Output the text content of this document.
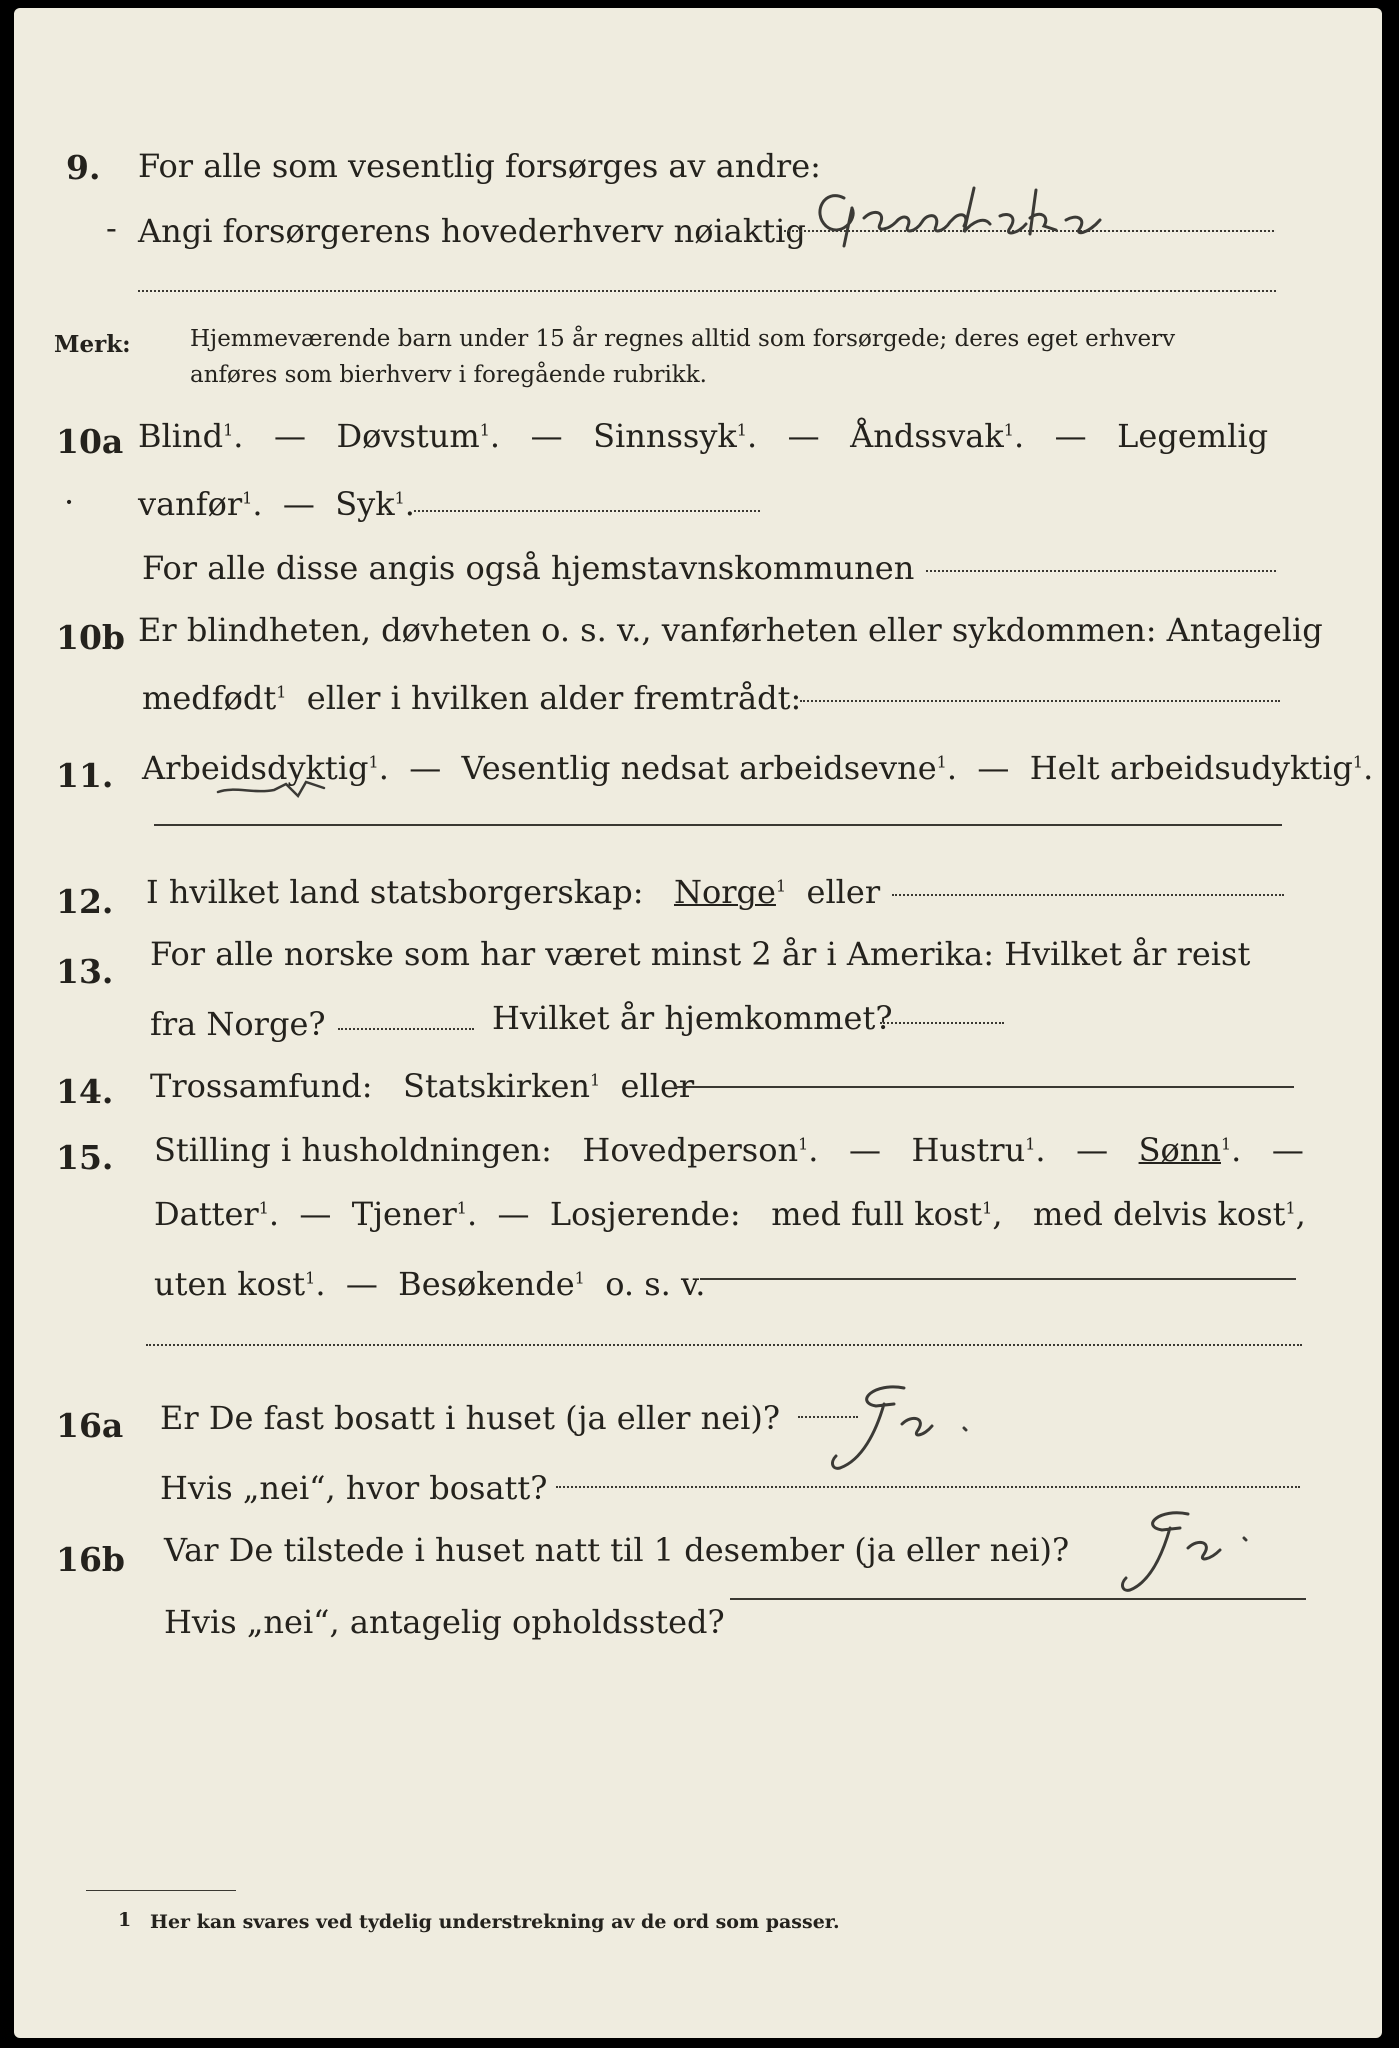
9. For alle som vesentlig forsørges av andre:
- Angi forsørgerens hovederhverv nøiaktig
Merk:	Hjemmeværende barn under 15 år regnes alltid som forsørgede; deres eget erhverv
anføres som bierhverv i foregående rubrikk.
10a Blind$^1$.   — Døvstum$^1$.   — Sinnssyk$^1$.   — Åndssvak$^1$.   — Legemlig
· vanfør$^1$.  — Syk$^1$.
For alle disse angis også hjemstavnskommunen
10b Er blindheten, døvheten o. s. v., vanførheten eller sykdommen: Antagelig
medfødt$^1$ eller i hvilken alder fremtrådt:
11. Arbeidsdyktig$^1$.  — Vesentlig nedsat arbeidsevne$^1$.  — Helt arbeidsudyktig$^1$.
12. I hvilket land statsborgerskap: Norge$^1$ eller
13. For alle norske som har været minst 2 år i Amerika: Hvilket år reist
fra Norge?	Hvilket år hjemkommet?
14. Trossamfund: Statskirken$^1$ eller
15. Stilling i husholdningen: Hovedperson$^1$.   — Hustru$^1$.   — Sønn$^1$.   —
Datter$^1$.  — Tjener$^1$.  — Losjerende: med full kost$^1$,   med delvis kost$^1$,
uten kost$^1$.  — Besøkende$^1$ o. s. v.
16a Er De fast bosatt i huset (ja eller nei)?
Hvis „nei“, hvor bosatt?
16b Var De tilstede i huset natt til 1 desember (ja eller nei)?
Hvis „nei“, antagelig opholdssted?
1 Her kan svares ved tydelig understrekning av de ord som passer.
